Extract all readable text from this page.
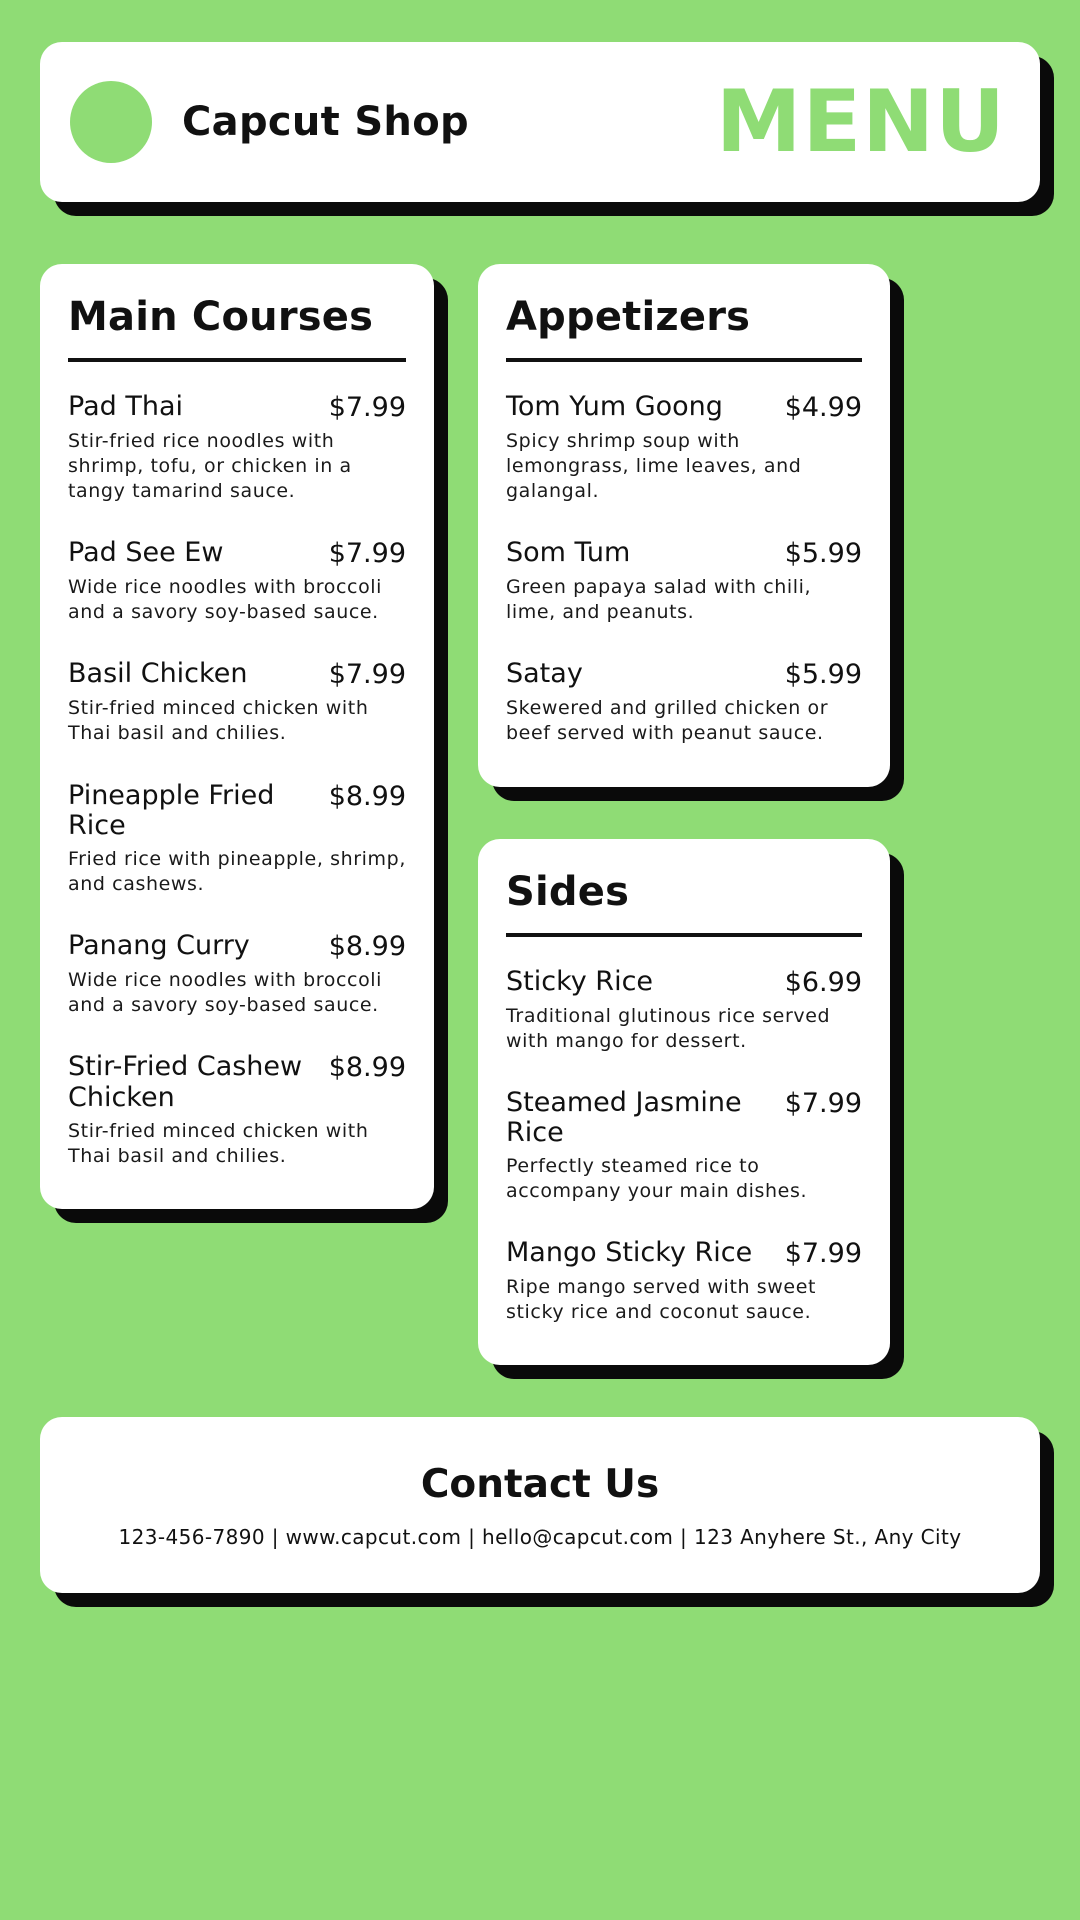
Capcut Shop	MENU
Main Courses
Pad Thai	$7.99
Stir-fried rice noodles with shrimp, tofu, or chicken in a tangy tamarind sauce.
Pad See Ew	$7.99
Wide rice noodles with broccoli and a savory soy-based sauce.
Basil Chicken	$7.99
Stir-fried minced chicken with Thai basil and chilies.
Pineapple Fried Rice
$8.99
Fried rice with pineapple, shrimp, and cashews.
Panang Curry	$8.99
Wide rice noodles with broccoli and a savory soy-based sauce.
Stir-Fried Cashew Chicken
$8.99
Stir-fried minced chicken with Thai basil and chilies.
Appetizers
Tom Yum Goong	$4.99
Spicy shrimp soup with lemongrass, lime leaves, and galangal.
Som Tum	$5.99
Green papaya salad with chili, lime, and peanuts.
Satay	$5.99
Skewered and grilled chicken or beef served with peanut sauce.
Sides
Sticky Rice	$6.99
Traditional glutinous rice served with mango for dessert.
Steamed Jasmine Rice
$7.99
Perfectly steamed rice to accompany your main dishes.
Mango Sticky Rice	$7.99
Ripe mango served with sweet sticky rice and coconut sauce.
Contact Us
123-456-7890 | www.capcut.com | hello@capcut.com | 123 Anyhere St., Any City
